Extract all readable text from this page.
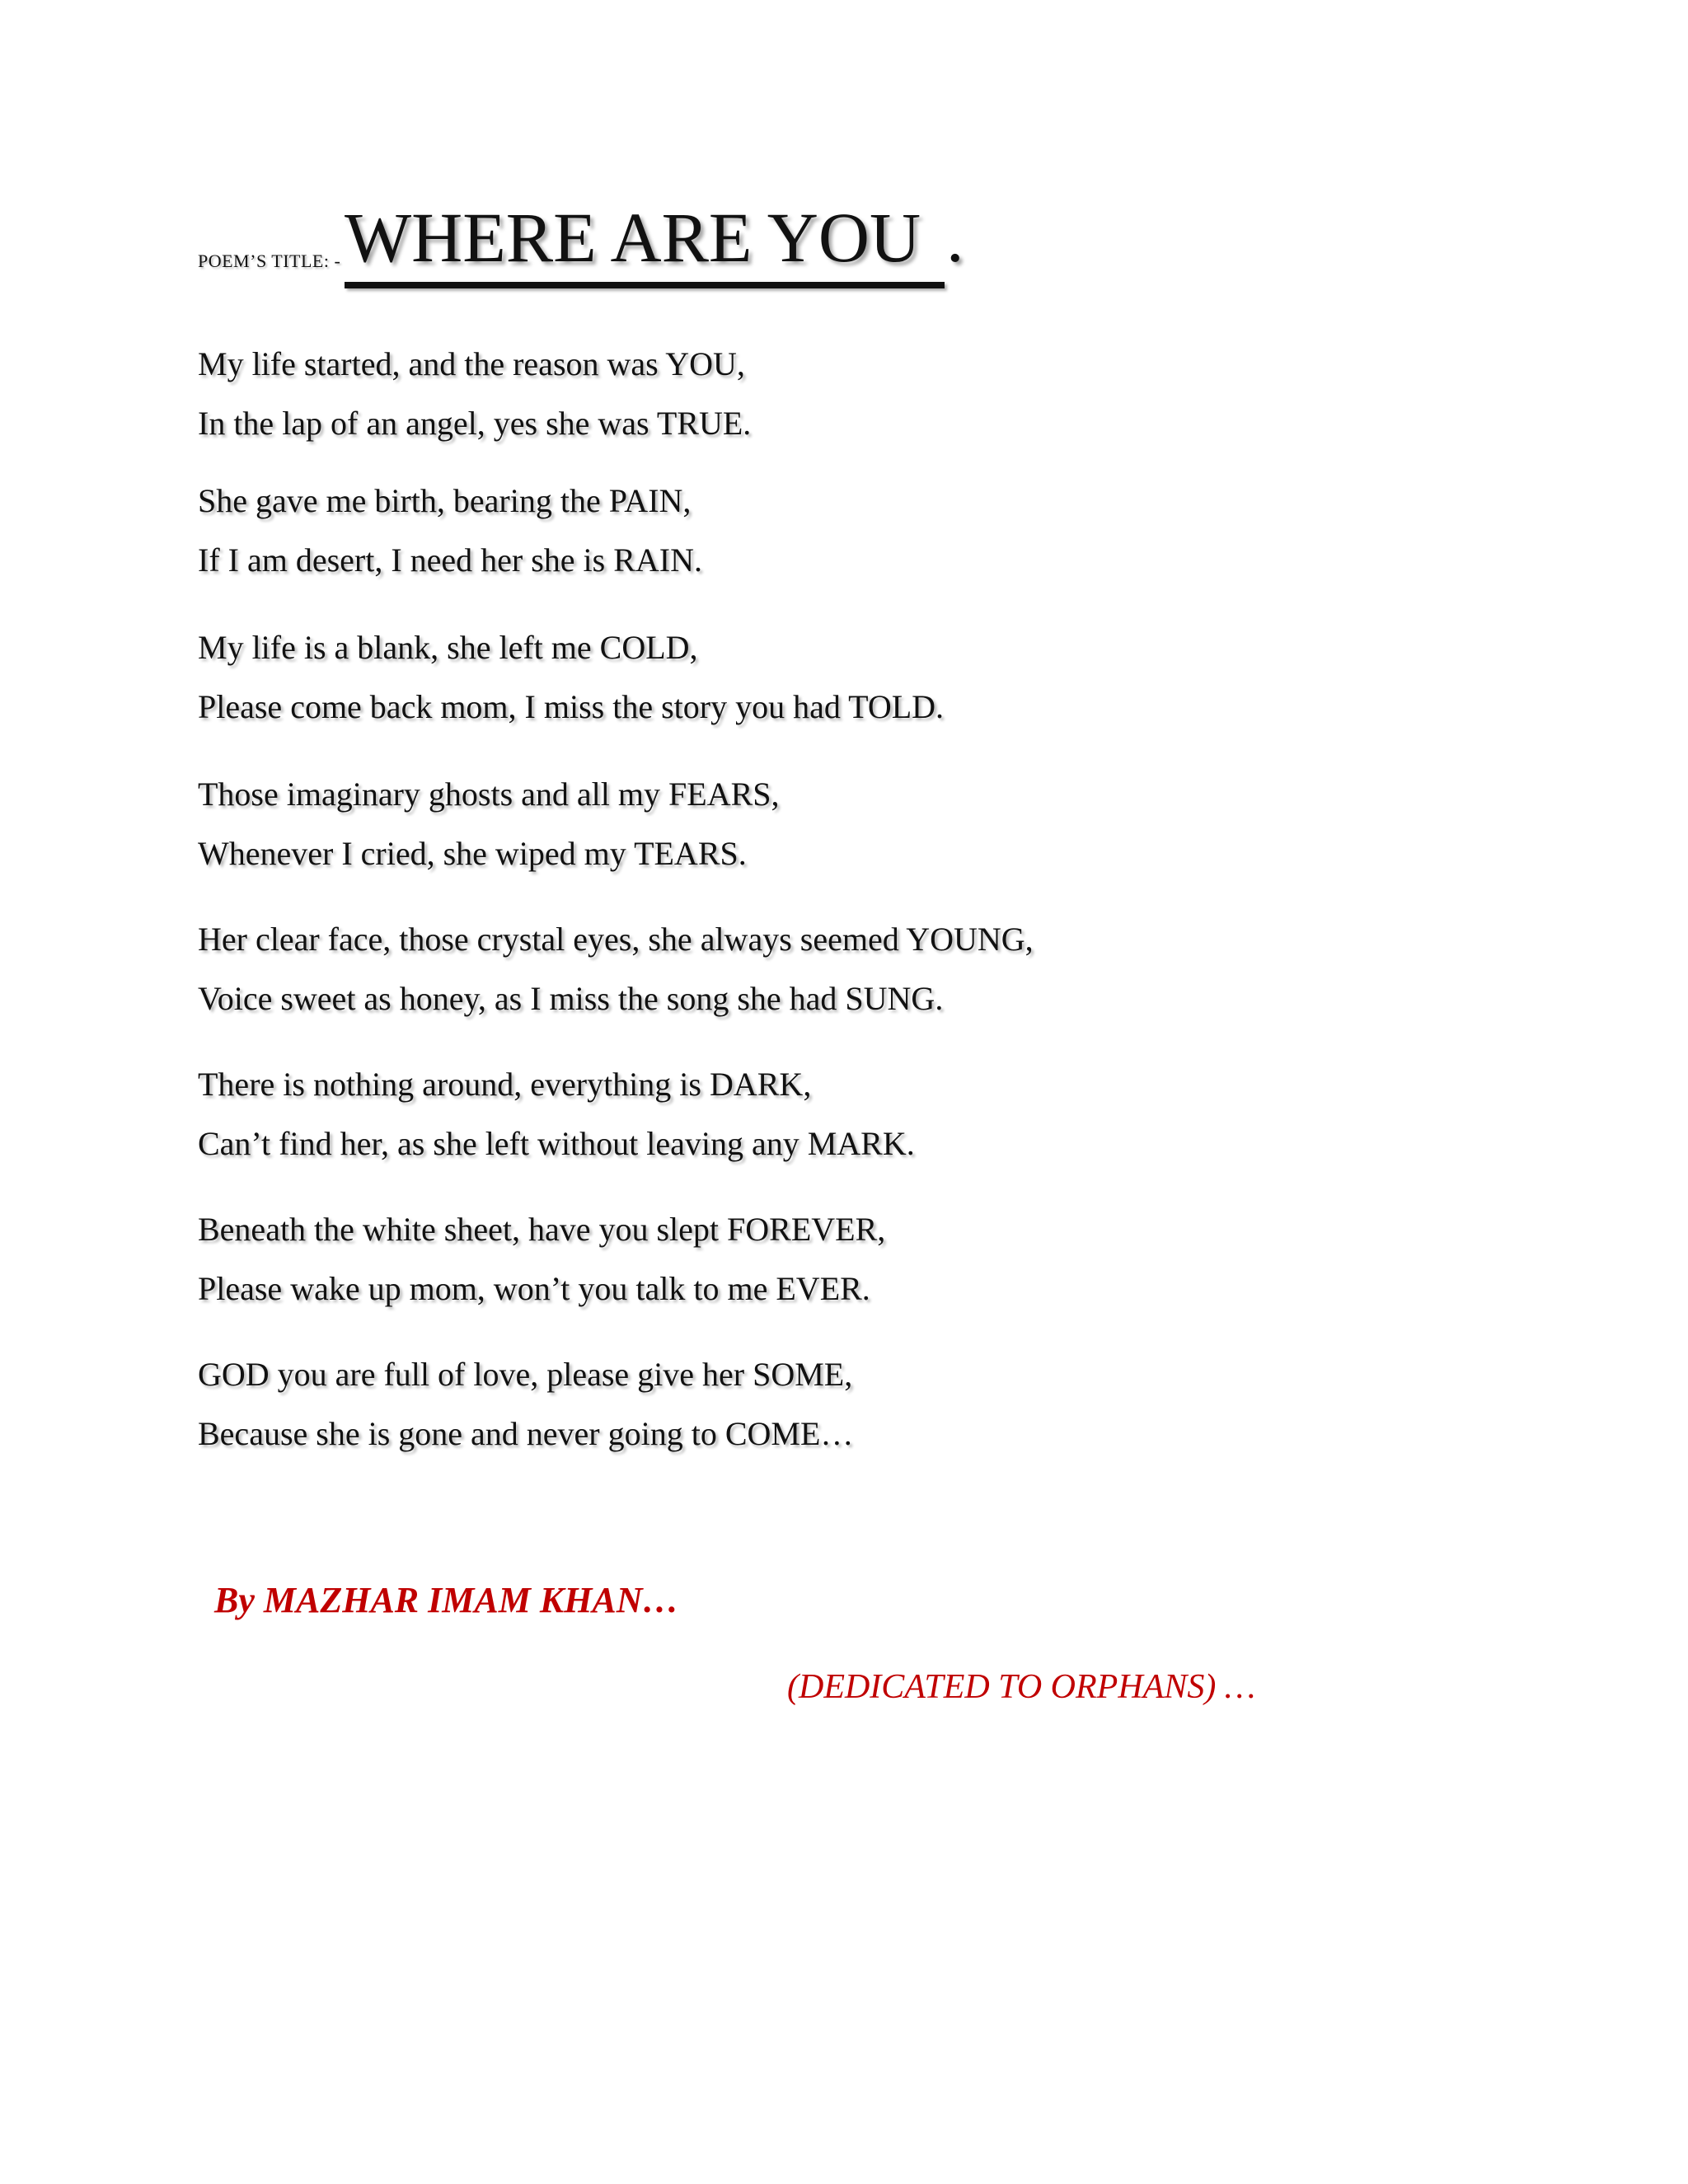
POEM’S TITLE: - WHERE ARE YOU .
My life started, and the reason was YOU,
In the lap of an angel, yes she was TRUE.
She gave me birth, bearing the PAIN,
If I am desert, I need her she is RAIN.
My life is a blank, she left me COLD,
Please come back mom, I miss the story you had TOLD.
Those imaginary ghosts and all my FEARS,
Whenever I cried, she wiped my TEARS.
Her clear face, those crystal eyes, she always seemed YOUNG,
Voice sweet as honey, as I miss the song she had SUNG.
There is nothing around, everything is DARK,
Can’t find her, as she left without leaving any MARK.
Beneath the white sheet, have you slept FOREVER,
Please wake up mom, won’t you talk to me EVER.
GOD you are full of love, please give her SOME,
Because she is gone and never going to COME…
By MAZHAR IMAM KHAN…
(DEDICATED TO ORPHANS) …
